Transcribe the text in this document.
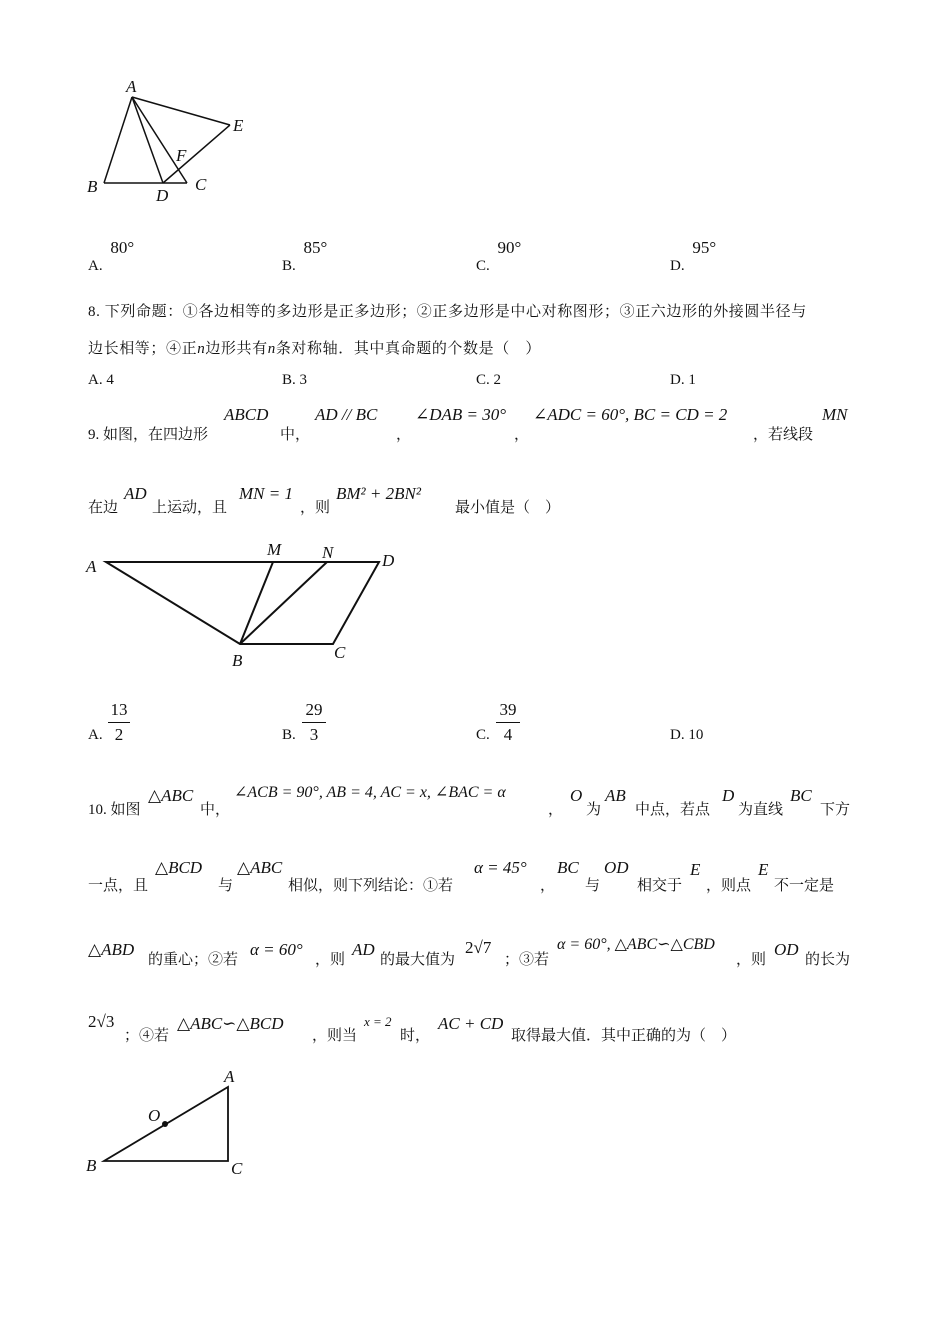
A
E
F
B	D
C
A. 80°
B. 85°
C. 90°
D. 95°
8. 下列命题：①各边相等的多边形是正多边形；②正多边形是中心对称图形；③正六边形的外接圆半径与
边长相等；④正n边形共有n条对称轴．其中真命题的个数是（　）
A. 4	B. 3	C. 2	D. 1
9. 如图，在四边形
ABCD
中，
AD // BC
，
∠DAB = 30°
，
∠ADC = 60°, BC = CD = 2
，若线段
MN
在边
AD
上运动，且
MN = 1
，则
BM² + 2BN²
最小值是（　）
A
M N	D
B	C
A.
13
2	B.
29
3	C.
39
4	D. 10
10. 如图
△ABC
中，
∠ACB = 90°, AB = 4, AC = x, ∠BAC = α
，
O
为
AB
中点，若点
D
为直线
BC
下方
一点，且
△BCD
与
△ABC
相似，则下列结论：①若
α = 45°
，
BC
与
OD
相交于
E
，则点
E
不一定是
△ABD
的重心；②若
α = 60°
，则
AD
的最大值为
2√7
；③若
α = 60°, △ABC∽△CBD
，则
OD
的长为
2√3
；④若
△ABC∽△BCD
，则当
x = 2
时，
AC + CD
取得最大值．其中正确的为（　）
A
O
B	C
